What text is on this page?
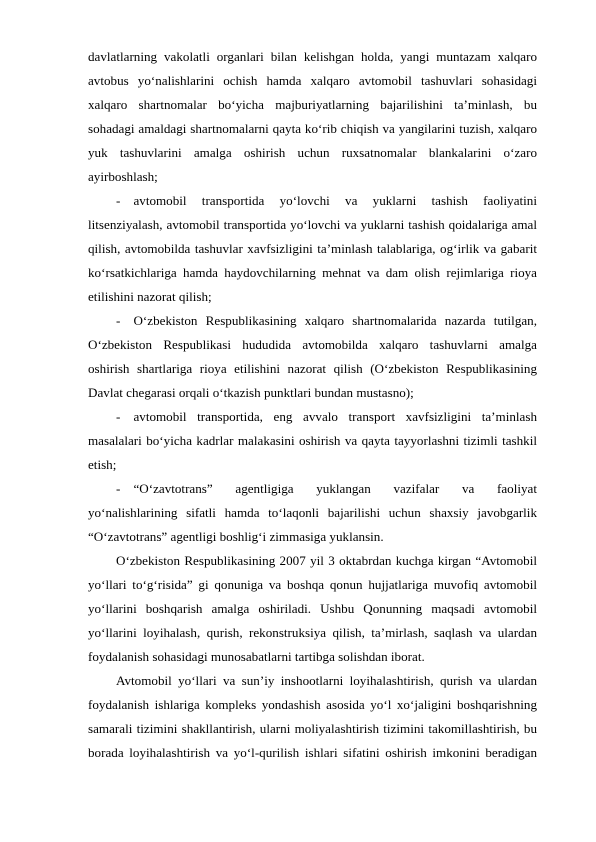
davlatlarning vakolatli organlari bilan kelishgan holda, yangi muntazam xalqaro
avtobus yo‘nalishlarini ochish hamda xalqaro avtomobil tashuvlari sohasidagi
xalqaro shartnomalar bo‘yicha majburiyatlarning bajarilishini ta’minlash, bu
sohadagi amaldagi shartnomalarni qayta ko‘rib chiqish va yangilarini tuzish, xalqaro
yuk tashuvlarini amalga oshirish uchun ruxsatnomalar blankalarini o‘zaro
ayirboshlash;
- avtomobil transportida yo‘lovchi va yuklarni tashish faoliyatini
litsenziyalash, avtomobil transportida yo‘lovchi va yuklarni tashish qoidalariga amal
qilish, avtomobilda tashuvlar xavfsizligini ta’minlash talablariga, og‘irlik va gabarit
ko‘rsatkichlariga hamda haydovchilarning mehnat va dam olish rejimlariga rioya
etilishini nazorat qilish;
- O‘zbekiston Respublikasining xalqaro shartnomalarida nazarda tutilgan,
O‘zbekiston Respublikasi hududida avtomobilda xalqaro tashuvlarni amalga
oshirish shartlariga rioya etilishini nazorat qilish (O‘zbekiston Respublikasining
Davlat chegarasi orqali o‘tkazish punktlari bundan mustasno);
- avtomobil transportida, eng avvalo transport xavfsizligini ta’minlash
masalalari bo‘yicha kadrlar malakasini oshirish va qayta tayyorlashni tizimli tashkil
etish;
- “O‘zavtotrans” agentligiga yuklangan vazifalar va faoliyat
yo‘nalishlarining sifatli hamda to‘laqonli bajarilishi uchun shaxsiy javobgarlik
“O‘zavtotrans” agentligi boshlig‘i zimmasiga yuklansin.
O‘zbekiston Respublikasining 2007 yil 3 oktabrdan kuchga kirgan “Avtomobil
yo‘llari to‘g‘risida” gi qonuniga va boshqa qonun hujjatlariga muvofiq avtomobil
yo‘llarini boshqarish amalga oshiriladi. Ushbu Qonunning maqsadi avtomobil
yo‘llarini loyihalash, qurish, rekonstruksiya qilish, ta’mirlash, saqlash va ulardan
foydalanish sohasidagi munosabatlarni tartibga solishdan iborat.
Avtomobil yo‘llari va sun’iy inshootlarni loyihalashtirish, qurish va ulardan
foydalanish ishlariga kompleks yondashish asosida yo‘l xo‘jaligini boshqarishning
samarali tizimini shakllantirish, ularni moliyalashtirish tizimini takomillashtirish, bu
borada loyihalashtirish va yo‘l-qurilish ishlari sifatini oshirish imkonini beradigan
